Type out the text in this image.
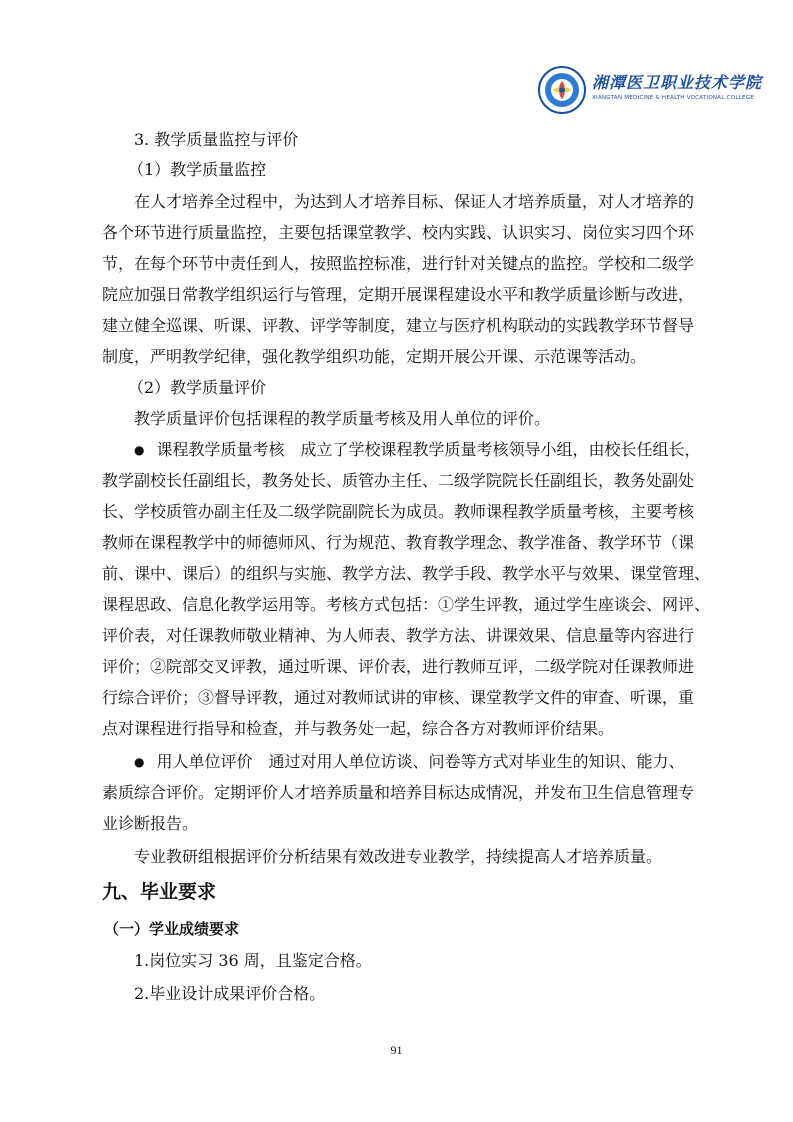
湘潭医卫职业技术学院
XIANGTAN MEDICINE & HEALTH VOCATIONAL COLLEGE
3. 教学质量监控与评价
（1）教学质量监控
在人才培养全过程中，为达到人才培养目标、保证人才培养质量，对人才培养的
各个环节进行质量监控，主要包括课堂教学、校内实践、认识实习、岗位实习四个环
节，在每个环节中责任到人，按照监控标准，进行针对关键点的监控。学校和二级学
院应加强日常教学组织运行与管理，定期开展课程建设水平和教学质量诊断与改进，
建立健全巡课、听课、评教、评学等制度，建立与医疗机构联动的实践教学环节督导
制度，严明教学纪律，强化教学组织功能，定期开展公开课、示范课等活动。
（2）教学质量评价
教学质量评价包括课程的教学质量考核及用人单位的评价。
● 课程教学质量考核 成立了学校课程教学质量考核领导小组，由校长任组长，
教学副校长任副组长，教务处长、质管办主任、二级学院院长任副组长，教务处副处
长、学校质管办副主任及二级学院副院长为成员。教师课程教学质量考核，主要考核
教师在课程教学中的师德师风、行为规范、教育教学理念、教学准备、教学环节（课
前、课中、课后）的组织与实施、教学方法、教学手段、教学水平与效果、课堂管理、
课程思政、信息化教学运用等。考核方式包括：①学生评教，通过学生座谈会、网评、
评价表，对任课教师敬业精神、为人师表、教学方法、讲课效果、信息量等内容进行
评价；②院部交叉评教，通过听课、评价表，进行教师互评，二级学院对任课教师进
行综合评价；③督导评教，通过对教师试讲的审核、课堂教学文件的审查、听课，重
点对课程进行指导和检查，并与教务处一起，综合各方对教师评价结果。
● 用人单位评价 通过对用人单位访谈、问卷等方式对毕业生的知识、能力、
素质综合评价。定期评价人才培养质量和培养目标达成情况，并发布卫生信息管理专
业诊断报告。
专业教研组根据评价分析结果有效改进专业教学，持续提高人才培养质量。
九、毕业要求
（一）学业成绩要求
1.岗位实习 36 周，且鉴定合格。
2.毕业设计成果评价合格。
91
